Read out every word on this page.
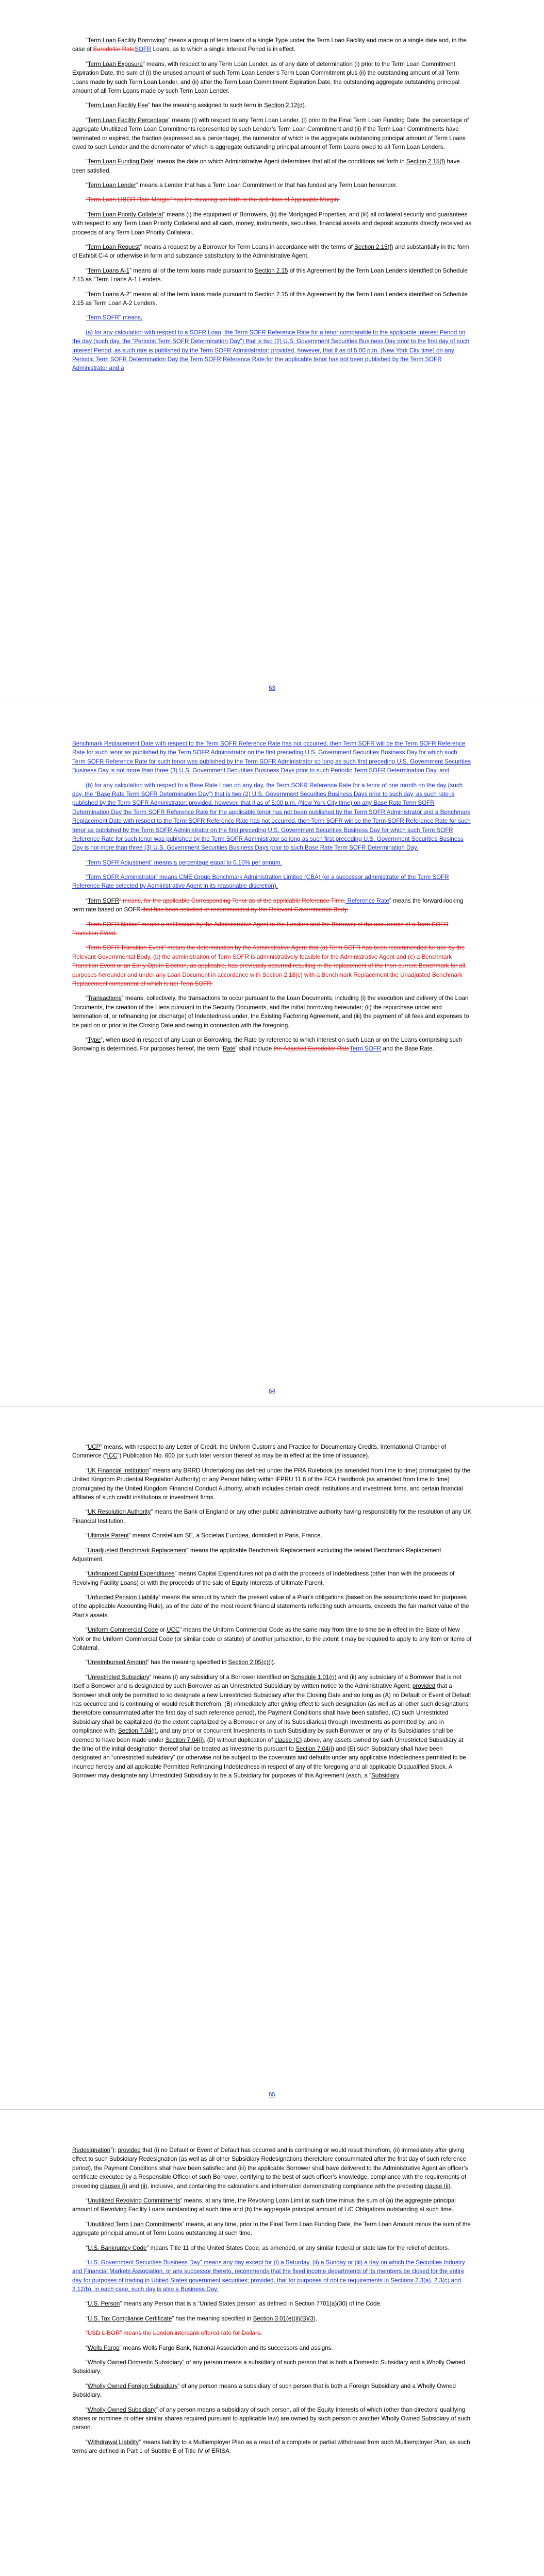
“Term Loan Facility Borrowing” means a group of term loans of a single Type under the Term Loan Facility and made on a single date and, in the case of Eurodollar RateSOFR Loans, as to which a single Interest Period is in effect.

“Term Loan Exposure” means, with respect to any Term Loan Lender, as of any date of determination (i) prior to the Term Loan Commitment Expiration Date, the sum of (i) the unused amount of such Term Loan Lender’s Term Loan Commitment plus (ii) the outstanding amount of all Term Loans made by such Term Loan Lender, and (ii) after the Term Loan Commitment Expiration Date, the outstanding aggregate outstanding principal amount of all Term Loans made by such Term Loan Lender.

“Term Loan Facility Fee” has the meaning assigned to such term in Section 2.12(d).

“Term Loan Facility Percentage” means (i) with respect to any Term Loan Lender, (i) prior to the Final Term Loan Funding Date, the percentage of aggregate Unutilized Term Loan Commitments represented by such Lender’s Term Loan Commitment and (ii) if the Term Loan Commitments have terminated or expired, the fraction (expressed as a percentage), the numerator of which is the aggregate outstanding principal amount of Term Loans owed to such Lender and the denominator of which is aggregate outstanding principal amount of Term Loans owed to all Term Loan Lenders.

“Term Loan Funding Date” means the date on which Administrative Agent determines that all of the conditions set forth in Section 2.15(f) have been satisfied.

“Term Loan Lender” means a Lender that has a Term Loan Commitment or that has funded any Term Loan hereunder.

“Term Loan LIBOR Rate Margin” has the meaning set forth in the definition of Applicable Margin.

“Term Loan Priority Collateral” means (i) the equipment of Borrowers, (ii) the Mortgaged Properties, and (iii) all collateral security and guarantees with respect to any Term Loan Priority Collateral and all cash, money, instruments, securities, financial assets and deposit accounts directly received as proceeds of any Term Loan Priority Collateral.

“Term Loan Request” means a request by a Borrower for Term Loans in accordance with the terms of Section 2.15(f) and substantially in the form of Exhibit C-4 or otherwise in form and substance satisfactory to the Administrative Agent.

“Term Loans A-1” means all of the term loans made pursuant to Section 2.15 of this Agreement by the Term Loan Lenders identified on Schedule 2.15 as “Term Loans A-1 Lenders.

“Term Loans A-2” means all of the term loans made pursuant to Section 2.15 of this Agreement by the Term Loan Lenders identified on Schedule 2.15 as Term Loan A-2 Lenders.

“Term SOFR” means,

(a) for any calculation with respect to a SOFR Loan, the Term SOFR Reference Rate for a tenor comparable to the applicable Interest Period on the day (such day, the “Periodic Term SOFR Determination Day”) that is two (2) U.S. Government Securities Business Day prior to the first day of such Interest Period, as such rate is published by the Term SOFR Administrator; provided, however, that if as of 5:00 p.m. (New York City time) on any Periodic Term SOFR Determination Day the Term SOFR Reference Rate for the applicable tenor has not been published by the Term SOFR Administrator and a

63

Benchmark Replacement Date with respect to the Term SOFR Reference Rate has not occurred, then Term SOFR will be the Term SOFR Reference Rate for such tenor as published by the Term SOFR Administrator on the first preceding U.S. Government Securities Business Day for which such Term SOFR Reference Rate for such tenor was published by the Term SOFR Administrator so long as such first preceding U.S. Government Securities Business Day is not more than three (3) U.S. Government Securities Business Days prior to such Periodic Term SOFR Determination Day, and

(b) for any calculation with respect to a Base Rate Loan on any day, the Term SOFR Reference Rate for a tenor of one month on the day (such day, the “Base Rate Term SOFR Determination Day”) that is two (2) U.S. Government Securities Business Days prior to such day, as such rate is published by the Term SOFR Administrator; provided, however, that if as of 5:00 p.m. (New York City time) on any Base Rate Term SOFR Determination Day the Term SOFR Reference Rate for the applicable tenor has not been published by the Term SOFR Administrator and a Benchmark Replacement Date with respect to the Term SOFR Reference Rate has not occurred, then Term SOFR will be the Term SOFR Reference Rate for such tenor as published by the Term SOFR Administrator on the first preceding U.S. Government Securities Business Day for which such Term SOFR Reference Rate for such tenor was published by the Term SOFR Administrator so long as such first preceding U.S. Government Securities Business Day is not more than three (3) U.S. Government Securities Business Days prior to such Base Rate Term SOFR Determination Day.

“Term SOFR Adjustment” means a percentage equal to 0.10% per annum.

“Term SOFR Administrator” means CME Group Benchmark Administration Limited (CBA) (or a successor administrator of the Term SOFR Reference Rate selected by Administrative Agent in its reasonable discretion).

“Term SOFR” means, for the applicable Corresponding Tenor as of the applicable Reference Time, Reference Rate” means the forward-looking term rate based on SOFR that has been selected or recommended by the Relevant Governmental Body.

“Term SOFR Notice” means a notification by the Administrative Agent to the Lenders and the Borrower of the occurrence of a Term SOFR Transition Event.

“Term SOFR Transition Event” means the determination by the Administrative Agent that (a) Term SOFR has been recommended for use by the Relevant Governmental Body, (b) the administration of Term SOFR is administratively feasible for the Administrative Agent and (c) a Benchmark Transition Event or an Early Opt-in Election, as applicable, has previously occurred resulting in the replacement of the then-current Benchmark for all purposes hereunder and under any Loan Document in accordance with Section 2.18(c) with a Benchmark Replacement the Unadjusted Benchmark Replacement component of which is not Term SOFR.

“Transactions” means, collectively, the transactions to occur pursuant to the Loan Documents, including (i) the execution and delivery of the Loan Documents, the creation of the Liens pursuant to the Security Documents, and the initial borrowing hereunder; (ii) the repurchase under and termination of, or refinancing (or discharge) of Indebtedness under, the Existing Factoring Agreement, and (iii) the payment of all fees and expenses to be paid on or prior to the Closing Date and owing in connection with the foregoing.

“Type”, when used in respect of any Loan or Borrowing, the Rate by reference to which interest on such Loan or on the Loans comprising such Borrowing is determined. For purposes hereof, the term “Rate” shall include the Adjusted Eurodollar RateTerm SOFR and the Base Rate.

64

“UCP” means, with respect to any Letter of Credit, the Uniform Customs and Practice for Documentary Credits, International Chamber of Commerce (“ICC”) Publication No. 600 (or such later version thereof as may be in effect at the time of issuance).

“UK Financial Institution” means any BRRD Undertaking (as defined under the PRA Rulebook (as amended from time to time) promulgated by the United Kingdom Prudential Regulation Authority) or any Person falling within IFPRU 11.6 of the FCA Handbook (as amended from time to time) promulgated by the United Kingdom Financial Conduct Authority, which includes certain credit institutions and investment firms, and certain financial affiliates of such credit institutions or investment firms.

“UK Resolution Authority” means the Bank of England or any other public administrative authority having responsibility for the resolution of any UK Financial Institution.

“Ultimate Parent” means Constellium SE, a Societas Europea, domiciled in Paris, France.

“Unadjusted Benchmark Replacement” means the applicable Benchmark Replacement excluding the related Benchmark Replacement Adjustment.

“Unfinanced Capital Expenditures” means Capital Expenditures not paid with the proceeds of Indebtedness (other than with the proceeds of Revolving Facility Loans) or with the proceeds of the sale of Equity Interests of Ultimate Parent.

“Unfunded Pension Liability” means the amount by which the present value of a Plan’s obligations (based on the assumptions used for purposes of the applicable Accounting Rule), as of the date of the most recent financial statements reflecting such amounts, exceeds the fair market value of the Plan’s assets.

“Uniform Commercial Code or UCC” means the Uniform Commercial Code as the same may from time to time be in effect in the State of New York or the Uniform Commercial Code (or similar code or statute) of another jurisdiction, to the extent it may be required to apply to any item or items of Collateral.

“Unreimbursed Amount” has the meaning specified in Section 2.05(c)(i).

“Unrestricted Subsidiary” means (i) any subsidiary of a Borrower identified on Schedule 1.01(n) and (ii) any subsidiary of a Borrower that is not itself a Borrower and is designated by such Borrower as an Unrestricted Subsidiary by written notice to the Administrative Agent; provided that a Borrower shall only be permitted to so designate a new Unrestricted Subsidiary after the Closing Date and so long as (A) no Default or Event of Default has occurred and is continuing or would result therefrom, (B) immediately after giving effect to such designation (as well as all other such designations theretofore consummated after the first day of such reference period), the Payment Conditions shall have been satisfied, (C) such Unrestricted Subsidiary shall be capitalized (to the extent capitalized by a Borrower or any of its Subsidiaries) through Investments as permitted by, and in compliance with, Section 7.04(i), and any prior or concurrent Investments in such Subsidiary by such Borrower or any of its Subsidiaries shall be deemed to have been made under Section 7.04(i), (D) without duplication of clause (C) above, any assets owned by such Unrestricted Subsidiary at the time of the initial designation thereof shall be treated as Investments pursuant to Section 7.04(i) and (E) such Subsidiary shall have been designated an “unrestricted subsidiary” (or otherwise not be subject to the covenants and defaults under any applicable Indebtedness permitted to be incurred hereby and all applicable Permitted Refinancing Indebtedness in respect of any of the foregoing and all applicable Disqualified Stock. A Borrower may designate any Unrestricted Subsidiary to be a Subsidiary for purposes of this Agreement (each, a “Subsidiary

65

Redesignation”); provided that (i) no Default or Event of Default has occurred and is continuing or would result therefrom, (ii) immediately after giving effect to such Subsidiary Redesignation (as well as all other Subsidiary Redesignations theretofore consummated after the first day of such reference period), the Payment Conditions shall have been satisfied and (iii) the applicable Borrower shall have delivered to the Administrative Agent an officer’s certificate executed by a Responsible Officer of such Borrower, certifying to the best of such officer’s knowledge, compliance with the requirements of preceding clauses (i) and (ii), inclusive, and containing the calculations and information demonstrating compliance with the preceding clause (ii).

“Unutilized Revolving Commitments” means, at any time, the Revolving Loan Limit at such time minus the sum of (a) the aggregate principal amount of Revolving Facility Loans outstanding at such time and (b) the aggregate principal amount of L/C Obligations outstanding at such time.

“Unutilized Term Loan Commitments” means, at any time, prior to the Final Term Loan Funding Date, the Term Loan Amount minus the sum of the aggregate principal amount of Term Loans outstanding at such time.

“U.S. Bankruptcy Code” means Title 11 of the United States Code, as amended, or any similar federal or state law for the relief of debtors.

“U.S. Government Securities Business Day” means any day except for (i) a Saturday, (ii) a Sunday or (iii) a day on which the Securities Industry and Financial Markets Association, or any successor thereto, recommends that the fixed income departments of its members be closed for the entire day for purposes of trading in United States government securities; provided, that for purposes of notice requirements in Sections 2.3(a), 2.3(c) and 2.12(b), in each case, such day is also a Business Day.

“U.S. Person” means any Person that is a “United States person” as defined in Section 7701(a)(30) of the Code.

“U.S. Tax Compliance Certificate” has the meaning specified in Section 3.01(e)(ii)(B)(3).

“USD LIBOR” means the London interbank offered rate for Dollars.

“Wells Fargo” means Wells Fargo Bank, National Association and its successors and assigns.

“Wholly Owned Domestic Subsidiary” of any person means a subsidiary of such person that is both a Domestic Subsidiary and a Wholly Owned Subsidiary.

“Wholly Owned Foreign Subsidiary” of any person means a subsidiary of such person that is both a Foreign Subsidiary and a Wholly Owned Subsidiary.

“Wholly Owned Subsidiary” of any person means a subsidiary of such person, all of the Equity Interests of which (other than directors’ qualifying shares or nominee or other similar shares required pursuant to applicable law) are owned by such person or another Wholly Owned Subsidiary of such person.

“Withdrawal Liability” means liability to a Multiemployer Plan as a result of a complete or partial withdrawal from such Multiemployer Plan, as such terms are defined in Part 1 of Subtitle E of Title IV of ERISA.
